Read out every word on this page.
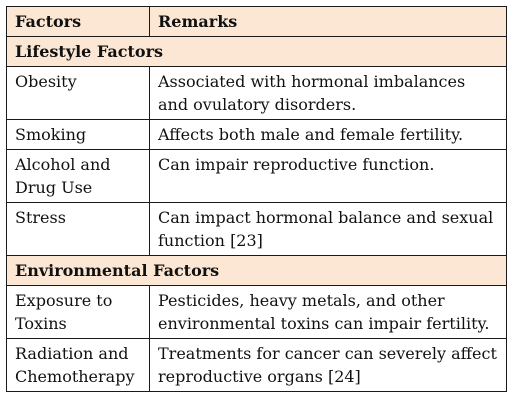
Factors	Remarks
Lifestyle Factors	
Obesity	Associated with hormonal imbalances and ovulatory disorders.
Smoking	Affects both male and female fertility.
Alcohol and Drug Use	Can impair reproductive function.
Stress	Can impact hormonal balance and sexual function [23]
Environmental Factors	
Exposure to Toxins	Pesticides, heavy metals, and other environmental toxins can impair fertility.
Radiation and Chemotherapy	Treatments for cancer can severely affect reproductive organs [24]
